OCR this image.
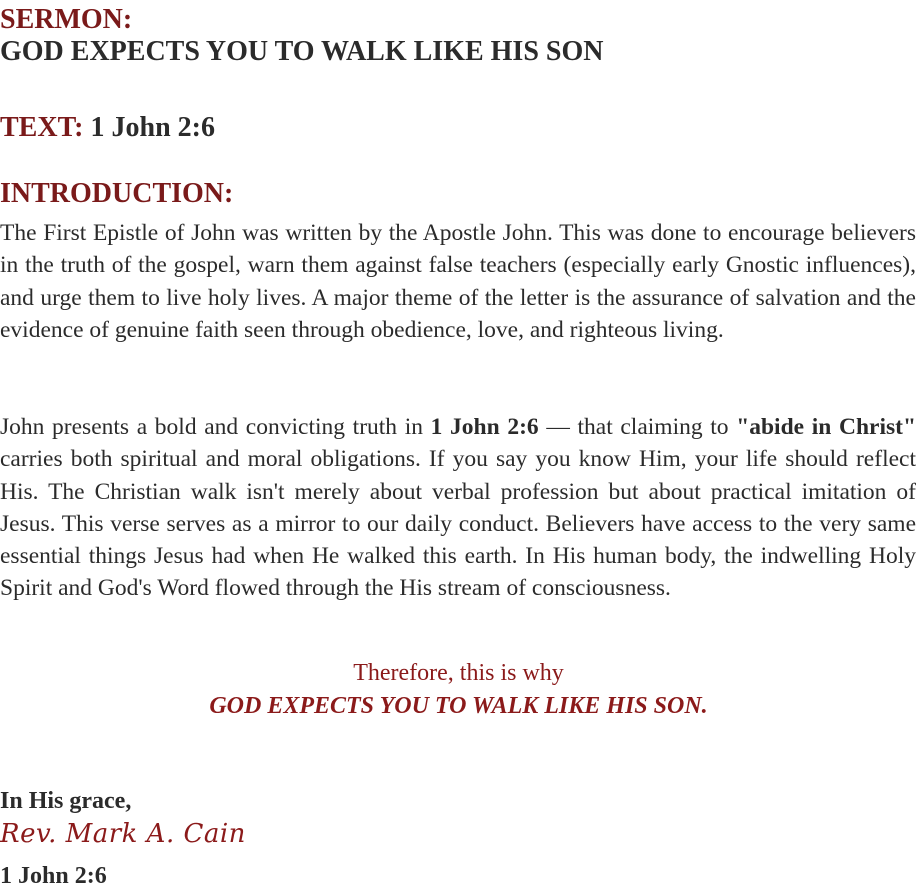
SERMON:
GOD EXPECTS YOU TO WALK LIKE HIS SON
TEXT: 1 John 2:6
INTRODUCTION:
The First Epistle of John was written by the Apostle John. This was done to encourage believers in the truth of the gospel, warn them against false teachers (especially early Gnostic influences), and urge them to live holy lives. A major theme of the letter is the assurance of salvation and the evidence of genuine faith seen through obedience, love, and righteous living.
John presents a bold and convicting truth in 1 John 2:6 — that claiming to "abide in Christ" carries both spiritual and moral obligations. If you say you know Him, your life should reflect His. The Christian walk isn't merely about verbal profession but about practical imitation of Jesus. This verse serves as a mirror to our daily conduct. Believers have access to the very same essential things Jesus had when He walked this earth. In His human body, the indwelling Holy Spirit and God's Word flowed through the His stream of consciousness.
Therefore, this is why
GOD EXPECTS YOU TO WALK LIKE HIS SON.
In His grace,
Rev. Mark A. Cain
1 John 2:6
